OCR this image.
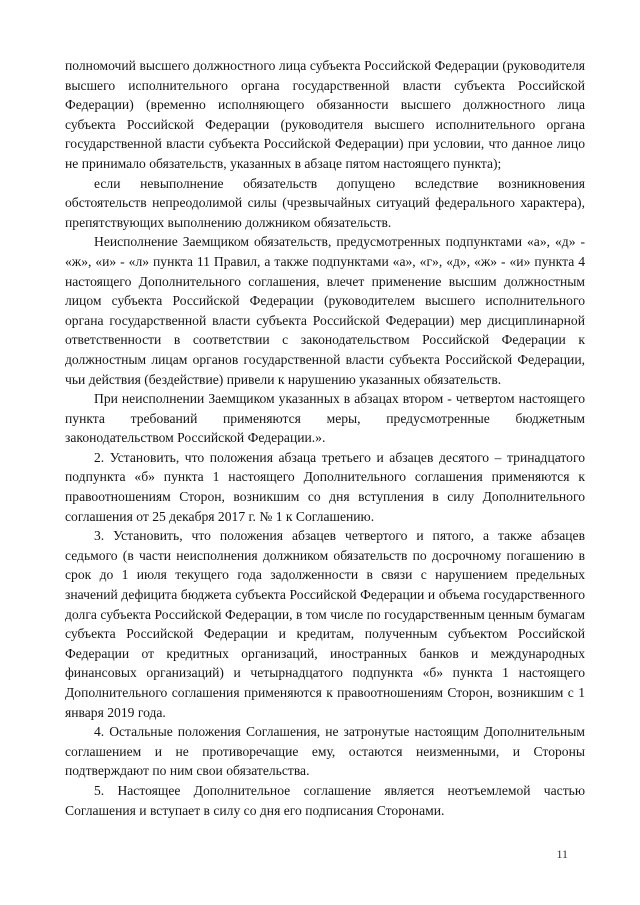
полномочий высшего должностного лица субъекта Российской Федерации (руководителя высшего исполнительного органа государственной власти субъекта Российской Федерации) (временно исполняющего обязанности высшего должностного лица субъекта Российской Федерации (руководителя высшего исполнительного органа государственной власти субъекта Российской Федерации) при условии, что данное лицо не принимало обязательств, указанных в абзаце пятом настоящего пункта);

если невыполнение обязательств допущено вследствие возникновения обстоятельств непреодолимой силы (чрезвычайных ситуаций федерального характера), препятствующих выполнению должником обязательств.

Неисполнение Заемщиком обязательств, предусмотренных подпунктами «а», «д» - «ж», «и» - «л» пункта 11 Правил, а также подпунктами «а», «г», «д», «ж» - «и» пункта 4 настоящего Дополнительного соглашения, влечет применение высшим должностным лицом субъекта Российской Федерации (руководителем высшего исполнительного органа государственной власти субъекта Российской Федерации) мер дисциплинарной ответственности в соответствии с законодательством Российской Федерации к должностным лицам органов государственной власти субъекта Российской Федерации, чьи действия (бездействие) привели к нарушению указанных обязательств.

При неисполнении Заемщиком указанных в абзацах втором - четвертом настоящего пункта требований применяются меры, предусмотренные бюджетным законодательством Российской Федерации.».

2. Установить, что положения абзаца третьего и абзацев десятого – тринадцатого подпункта «б» пункта 1 настоящего Дополнительного соглашения применяются к правоотношениям Сторон, возникшим со дня вступления в силу Дополнительного соглашения от 25 декабря 2017 г. № 1 к Соглашению.

3. Установить, что положения абзацев четвертого и пятого, а также абзацев седьмого (в части неисполнения должником обязательств по досрочному погашению в срок до 1 июля текущего года задолженности в связи с нарушением предельных значений дефицита бюджета субъекта Российской Федерации и объема государственного долга субъекта Российской Федерации, в том числе по государственным ценным бумагам субъекта Российской Федерации и кредитам, полученным субъектом Российской Федерации от кредитных организаций, иностранных банков и международных финансовых организаций) и четырнадцатого подпункта «б» пункта 1 настоящего Дополнительного соглашения применяются к правоотношениям Сторон, возникшим с 1 января 2019 года.

4. Остальные положения Соглашения, не затронутые настоящим Дополнительным соглашением и не противоречащие ему, остаются неизменными, и Стороны подтверждают по ним свои обязательства.

5. Настоящее Дополнительное соглашение является неотъемлемой частью Соглашения и вступает в силу со дня его подписания Сторонами.

11
